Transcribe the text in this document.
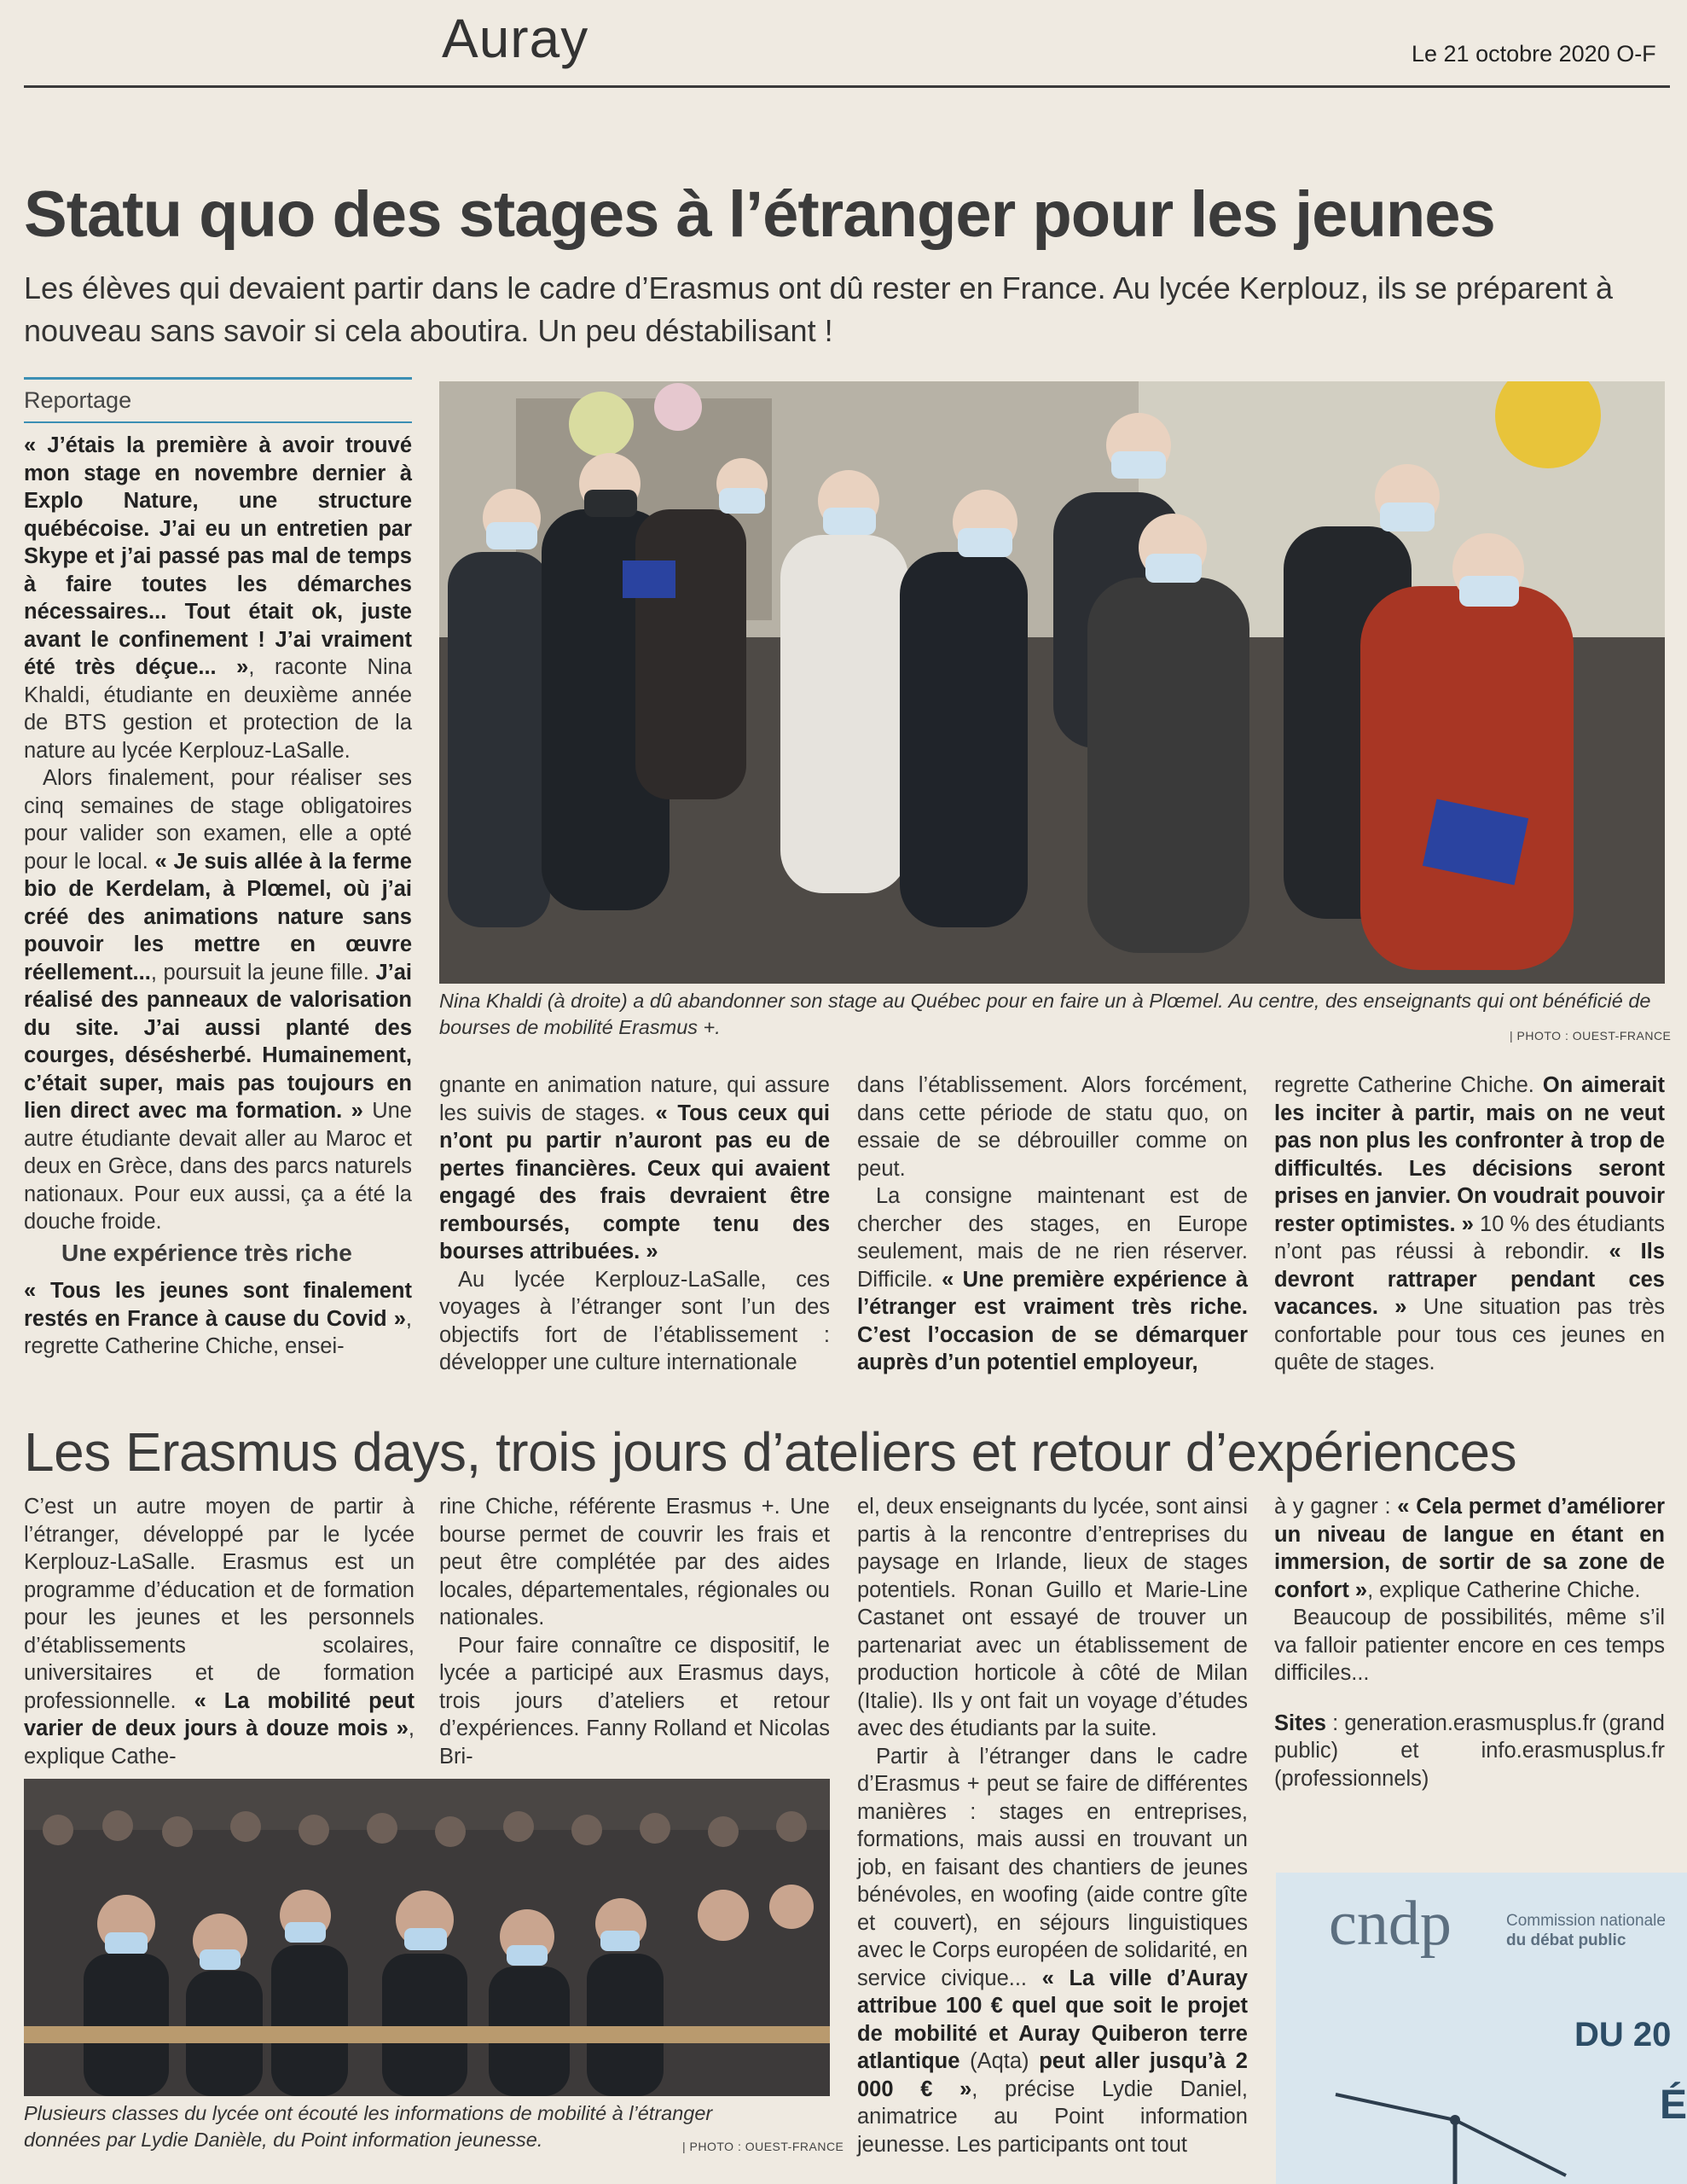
Auray	Le 21 octobre 2020 O-F
Statu quo des stages à l’étranger pour les jeunes
Les élèves qui devaient partir dans le cadre d’Erasmus ont dû rester en France. Au lycée Kerplouz, ils se préparent à nouveau sans savoir si cela aboutira. Un peu déstabilisant !
Reportage

« J’étais la première à avoir trouvé mon stage en novembre dernier à Explo Nature, une structure québécoise. J’ai eu un entretien par Skype et j’ai passé pas mal de temps à faire toutes les démarches nécessaires... Tout était ok, juste avant le confinement ! J’ai vraiment été très déçue... », raconte Nina Khaldi, étudiante en deuxième année de BTS gestion et protection de la nature au lycée Kerplouz-LaSalle.

Alors finalement, pour réaliser ses cinq semaines de stage obligatoires pour valider son examen, elle a opté pour le local. « Je suis allée à la ferme bio de Kerdelam, à Plœmel, où j’ai créé des animations nature sans pouvoir les mettre en œuvre réellement..., poursuit la jeune fille. J’ai réalisé des panneaux de valorisation du site. J’ai aussi planté des courges, désésherbé. Humainement, c’était super, mais pas toujours en lien direct avec ma formation. » Une autre étudiante devait aller au Maroc et deux en Grèce, dans des parcs naturels nationaux. Pour eux aussi, ça a été la douche froide.

Une expérience très riche

« Tous les jeunes sont finalement restés en France à cause du Covid », regrette Catherine Chiche, ensei-

Nina Khaldi (à droite) a dû abandonner son stage au Québec pour en faire un à Plœmel. Au centre, des enseignants qui ont bénéficié de bourses de mobilité Erasmus +.	| PHOTO : OUEST-FRANCE

gnante en animation nature, qui assure les suivis de stages. « Tous ceux qui n’ont pu partir n’auront pas eu de pertes financières. Ceux qui avaient engagé des frais devraient être remboursés, compte tenu des bourses attribuées. »

Au lycée Kerplouz-LaSalle, ces voyages à l’étranger sont l’un des objectifs fort de l’établissement : développer une culture internationale

dans l’établissement. Alors forcément, dans cette période de statu quo, on essaie de se débrouiller comme on peut.

La consigne maintenant est de chercher des stages, en Europe seulement, mais de ne rien réserver. Difficile. « Une première expérience à l’étranger est vraiment très riche. C’est l’occasion de se démarquer auprès d’un potentiel employeur,

regrette Catherine Chiche. On aimerait les inciter à partir, mais on ne veut pas non plus les confronter à trop de difficultés. Les décisions seront prises en janvier. On voudrait pouvoir rester optimistes. » 10 % des étudiants n’ont pas réussi à rebondir. « Ils devront rattraper pendant ces vacances. » Une situation pas très confortable pour tous ces jeunes en quête de stages.

Les Erasmus days, trois jours d’ateliers et retour d’expériences

C’est un autre moyen de partir à l’étranger, développé par le lycée Kerplouz-LaSalle. Erasmus est un programme d’éducation et de formation pour les jeunes et les personnels d’établissements scolaires, universitaires et de formation professionnelle. « La mobilité peut varier de deux jours à douze mois », explique Cathe-

rine Chiche, référente Erasmus +. Une bourse permet de couvrir les frais et peut être complétée par des aides locales, départementales, régionales ou nationales.

Pour faire connaître ce dispositif, le lycée a participé aux Erasmus days, trois jours d’ateliers et retour d’expériences. Fanny Rolland et Nicolas Bri-

el, deux enseignants du lycée, sont ainsi partis à la rencontre d’entreprises du paysage en Irlande, lieux de stages potentiels. Ronan Guillo et Marie-Line Castanet ont essayé de trouver un partenariat avec un établissement de production horticole à côté de Milan (Italie). Ils y ont fait un voyage d’études avec des étudiants par la suite.

Partir à l’étranger dans le cadre d’Erasmus + peut se faire de différentes manières : stages en entreprises, formations, mais aussi en trouvant un job, en faisant des chantiers de jeunes bénévoles, en woofing (aide contre gîte et couvert), en séjours linguistiques avec le Corps européen de solidarité, en service civique... « La ville d’Auray attribue 100 € quel que soit le projet de mobilité et Auray Quiberon terre atlantique (Aqta) peut aller jusqu’à 2 000 € », précise Lydie Daniel, animatrice au Point information jeunesse. Les participants ont tout

à y gagner : « Cela permet d’améliorer un niveau de langue en étant en immersion, de sortir de sa zone de confort », explique Catherine Chiche.

Beaucoup de possibilités, même s’il va falloir patienter encore en ces temps difficiles...

Sites : generation.erasmusplus.fr (grand public) et info.erasmusplus.fr (professionnels)

Plusieurs classes du lycée ont écouté les informations de mobilité à l’étranger données par Lydie Danièle, du Point information jeunesse.	| PHOTO : OUEST-FRANCE
cndp	Commission nationale
du débat public
DU 20
É
